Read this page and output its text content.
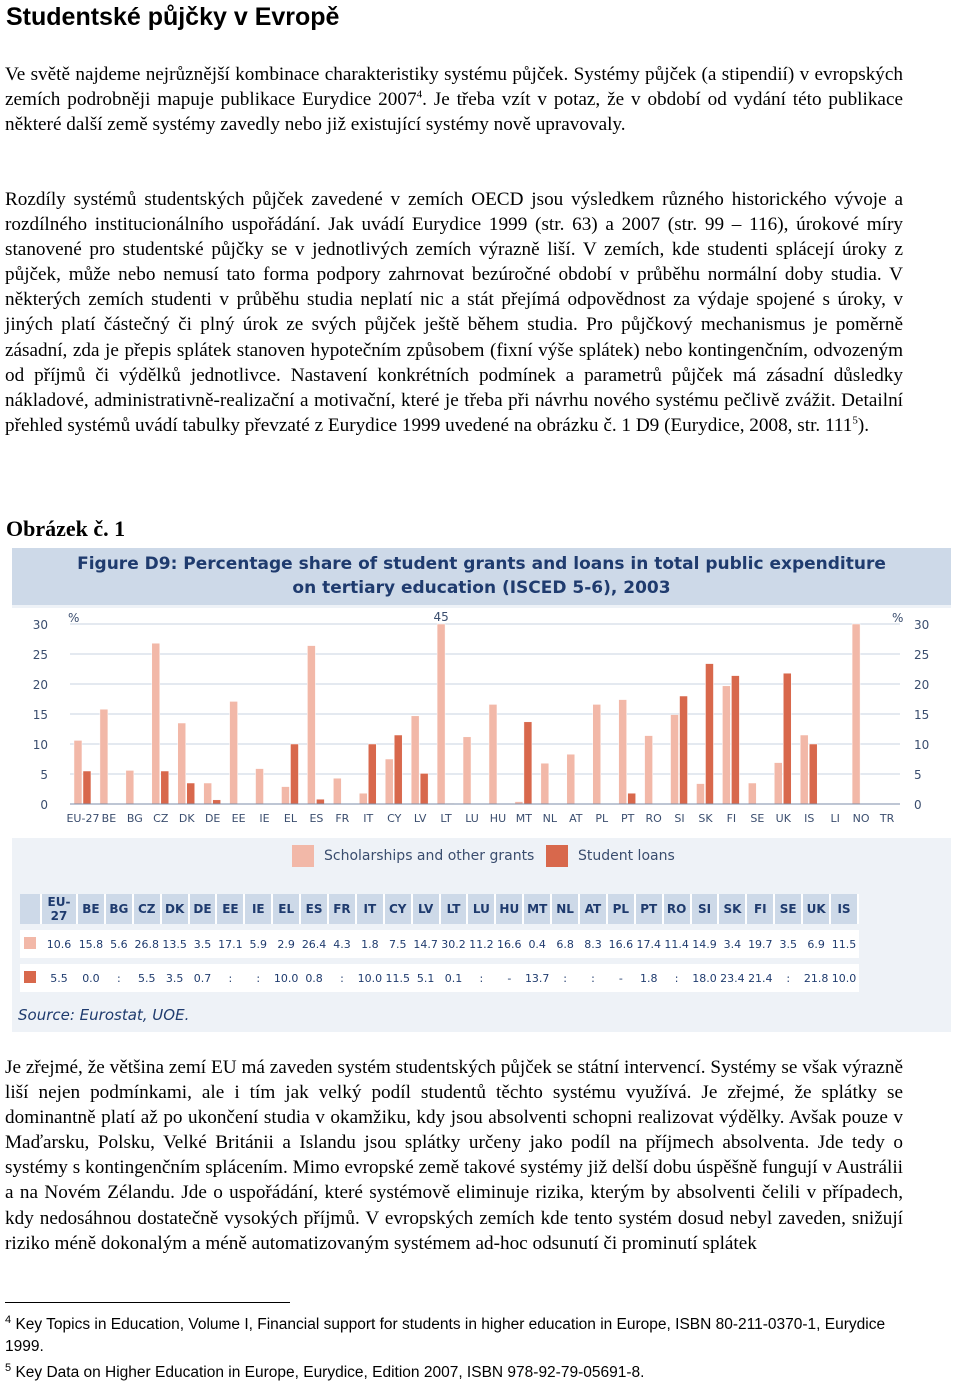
Studentské půjčky v Evropě

Ve světě najdeme nejrůznější kombinace charakteristiky systému půjček. Systémy půjček (a stipendií) v evropských zemích podrobněji mapuje publikace Eurydice 2007$^4$. Je třeba vzít v potaz, že v období od vydání této publikace některé další země systémy zavedly nebo již existující systémy nově upravovaly.

Rozdíly systémů studentských půjček zavedené v zemích OECD jsou výsledkem různého historického vývoje a rozdílného institucionálního uspořádání. Jak uvádí Eurydice 1999 (str. 63) a 2007 (str. 99 – 116), úrokové míry stanovené pro studentské půjčky se v jednotlivých zemích výrazně liší. V zemích, kde studenti splácejí úroky z půjček, může nebo nemusí tato forma podpory zahrnovat bezúročné období v průběhu normální doby studia. V některých zemích studenti v průběhu studia neplatí nic a stát přejímá odpovědnost za výdaje spojené s úroky, v jiných platí částečný či plný úrok ze svých půjček ještě během studia. Pro půjčkový mechanismus je poměrně zásadní, zda je přepis splátek stanoven hypotečním způsobem (fixní výše splátek) nebo kontingenčním, odvozeným od příjmů či výdělků jednotlivce. Nastavení konkrétních podmínek a parametrů půjček má zásadní důsledky nákladové, administrativně-realizační a motivační, které je třeba při návrhu nového systému pečlivě zvážit. Detailní přehled systémů uvádí tabulky převzaté z Eurydice 1999 uvedené na obrázku č. 1 D9 (Eurydice, 2008, str. $111^5$).

Obrázek č. 1

Figure D9: Percentage share of student grants and loans in total public expenditure
on tertiary education (ISCED 5-6), 2003
0	0
5	5
10	10
15	15
20	20
25	25
30	30
%	%
EU-27 BE BG CZ DK DE EE IE EL ES FR IT CY LV LT LU HU MT NL AT PL PT RO SI SK FI SE UK IS LI NO TR
45
Scholarships and other grants	Student loans
	EU-27	BE	BG	CZ	DK	DE	EE	IE	EL	ES	FR	IT	CY	LV	LT	LU	HU	MT	NL	AT	PL	PT	RO	SI	SK	FI	SE	UK	IS

	10.6	15.8	5.6	26.8	13.5	3.5	17.1	5.9	2.9	26.4	4.3	1.8	7.5	14.7	30.2	11.2	16.6	0.4	6.8	8.3	16.6	17.4	11.4	14.9	3.4	19.7	3.5	6.9	11.5

	5.5	0.0	:	5.5	3.5	0.7	:	:	10.0	0.8	:	10.0	11.5	5.1	0.1	:	-	13.7	:	:	-	1.8	:	18.0	23.4	21.4	:	21.8	10.0
Source: Eurostat, UOE.

Je zřejmé, že většina zemí EU má zaveden systém studentských půjček se státní intervencí. Systémy se však výrazně liší nejen podmínkami, ale i tím jak velký podíl studentů těchto systému využívá. Je zřejmé, že splátky se dominantně platí až po ukončení studia v okamžiku, kdy jsou absolventi schopni realizovat výdělky. Avšak pouze v Maďarsku, Polsku, Velké Británii a Islandu jsou splátky určeny jako podíl na příjmech absolventa. Jde tedy o systémy s kontingenčním splácením. Mimo evropské země takové systémy již delší dobu úspěšně fungují v Austrálii a na Novém Zélandu. Jde o uspořádání, které systémově eliminuje rizika, kterým by absolventi čelili v případech, kdy nedosáhnou dostatečně vysokých příjmů. V evropských zemích kde tento systém dosud nebyl zaveden, snižují riziko méně dokonalým a méně automatizovaným systémem ad-hoc odsunutí či prominutí splátek

$^4$ Key Topics in Education, Volume I, Financial support for students in higher education in Europe, ISBN 80-211-0370-1, Eurydice 1999.

$^5$ Key Data on Higher Education in Europe, Eurydice, Edition 2007, ISBN 978-92-79-05691-8.
